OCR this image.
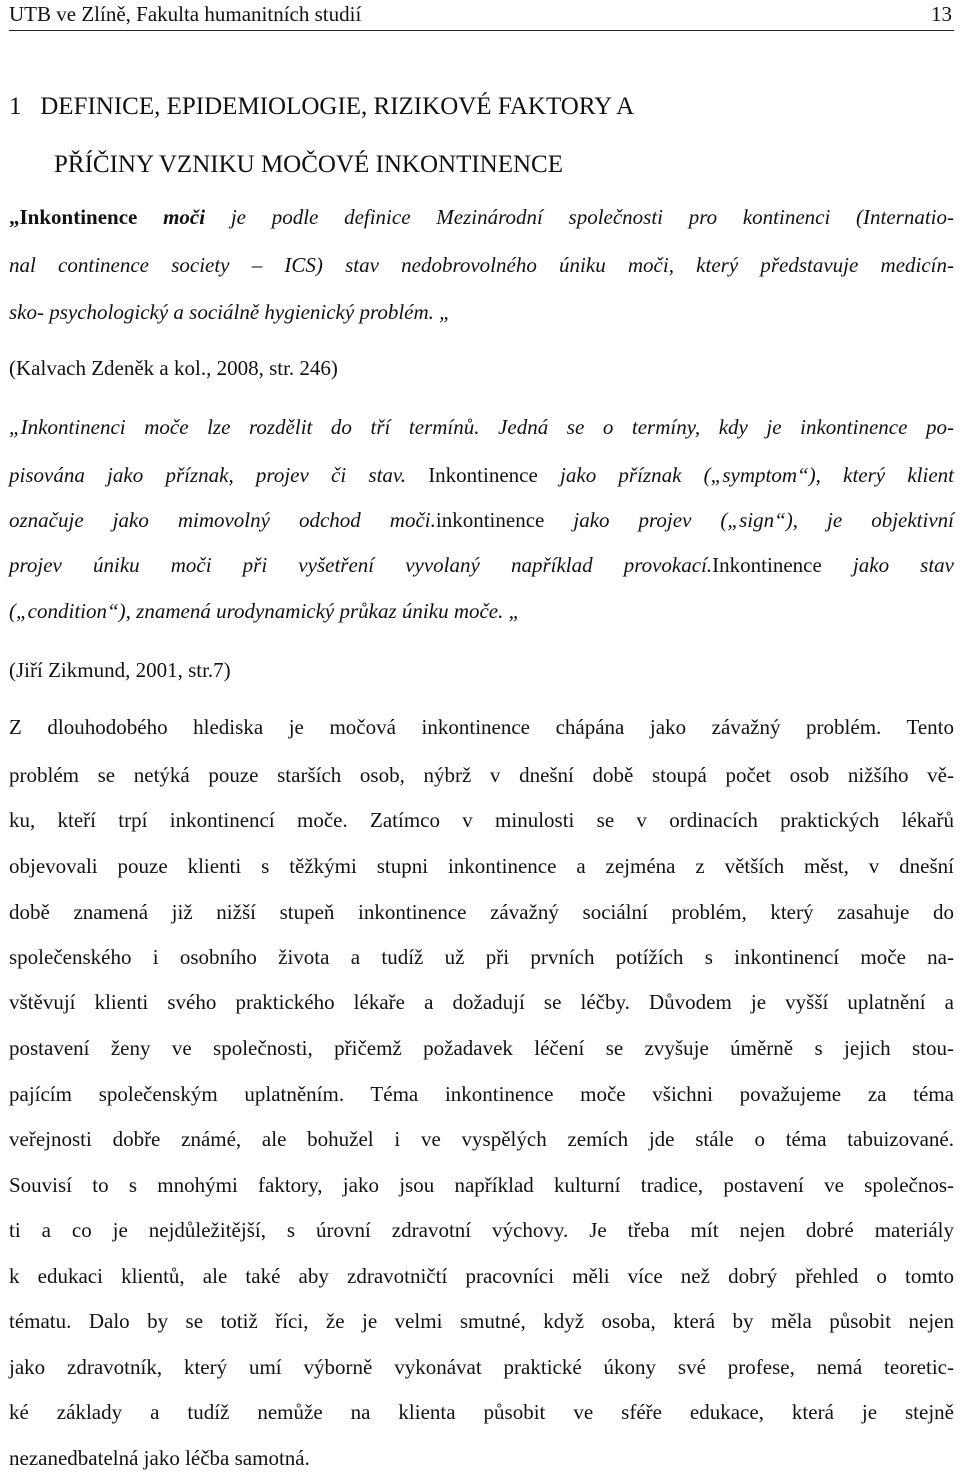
UTB ve Zlíně, Fakulta humanitních studií	13
1 DEFINICE, EPIDEMIOLOGIE, RIZIKOVÉ FAKTORY A
PŘÍČINY VZNIKU MOČOVÉ INKONTINENCE
„Inkontinence moči je podle definice Mezinárodní společnosti pro kontinenci (Internatio-
nal continence society – ICS) stav nedobrovolného úniku moči, který představuje medicín-
sko- psychologický a sociálně hygienický problém. „
(Kalvach Zdeněk a kol., 2008, str. 246)
„Inkontinenci moče lze rozdělit do tří termínů. Jedná se o termíny, kdy je inkontinence po-
pisována jako příznak, projev či stav. Inkontinence jako příznak („symptom“), který klient
označuje jako mimovolný odchod moči.inkontinence jako projev („sign“), je objektivní
projev úniku moči při vyšetření vyvolaný například provokací.Inkontinence jako stav
(„condition“), znamená urodynamický průkaz úniku moče. „
(Jiří Zikmund, 2001, str.7)
Z dlouhodobého hlediska je močová inkontinence chápána jako závažný problém. Tento
problém se netýká pouze starších osob, nýbrž v dnešní době stoupá počet osob nižšího vě-
ku, kteří trpí inkontinencí moče. Zatímco v minulosti se v ordinacích praktických lékařů
objevovali pouze klienti s těžkými stupni inkontinence a zejména z větších měst, v dnešní
době znamená již nižší stupeň inkontinence závažný sociální problém, který zasahuje do
společenského i osobního života a tudíž už při prvních potížích s inkontinencí moče na-
vštěvují klienti svého praktického lékaře a dožadují se léčby. Důvodem je vyšší uplatnění a
postavení ženy ve společnosti, přičemž požadavek léčení se zvyšuje úměrně s jejich stou-
pajícím společenským uplatněním. Téma inkontinence moče všichni považujeme za téma
veřejnosti dobře známé, ale bohužel i ve vyspělých zemích jde stále o téma tabuizované.
Souvisí to s mnohými faktory, jako jsou například kulturní tradice, postavení ve společnos-
ti a co je nejdůležitější, s úrovní zdravotní výchovy. Je třeba mít nejen dobré materiály
k edukaci klientů, ale také aby zdravotničtí pracovníci měli více než dobrý přehled o tomto
tématu. Dalo by se totiž říci, že je velmi smutné, když osoba, která by měla působit nejen
jako zdravotník, který umí výborně vykonávat praktické úkony své profese, nemá teoretic-
ké základy a tudíž nemůže na klienta působit ve sféře edukace, která je stejně
nezanedbatelná jako léčba samotná.
